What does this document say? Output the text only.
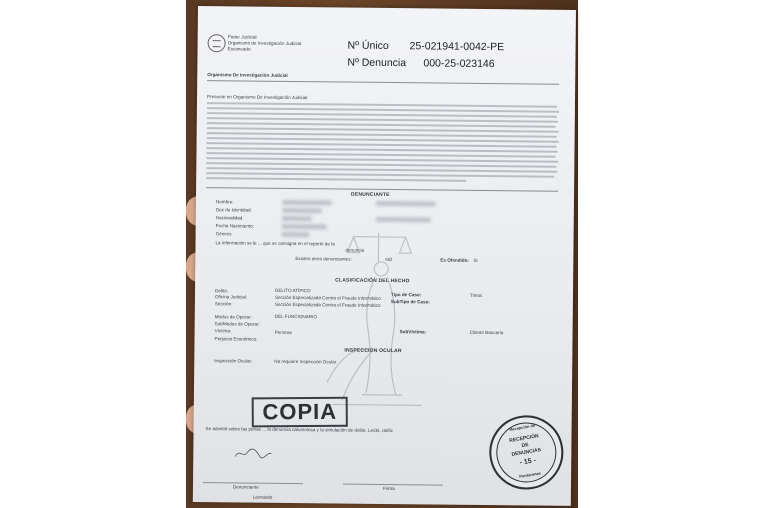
Poder Judicial
Organismo de Investigación Judicial
Escaneado	Nº Único 25-021941-0042-PE
Nº Denuncia 000-25-023146
Organismo De Investigación Judicial
Presente en Organismo De Investigación Judicial
DENUNCIANTE
Nombre:
Doc de Identidad:
Nacionalidad:
Fecha Nacimiento:
Género:
La información se le ... que se consigna en el reporte de la
denuncia
Existen otros denunciantes:	NO	Es Ofendido: SI
CLASIFICACIÓN DEL HECHO
Delito:	DELITO ATÍPICO
Oficina Judicial:	Sección Especializada Contra el Fraude Informático
Sección:	Sección Especializada Contra el Fraude Informático
Tipo de Caso:	Timos
SubTipo de Caso:
Modus de Operar:	DEL FUNCIONARIO
SubModus de Operar:
Víctima:	Persona	SubVíctima:	Cliente Bancario
Perjuicio Económico:
INSPECCIÓN OCULAR
Inspección Ocular:	No requiere Inspección Ocular
COPIA
Se advirtió sobre las penas ... la denuncia calumniosa y la simulación de delito. Leído, ratific
Denunciante	Firma
Leonardo
Recepción de
RECEPCIÓN
DE
DENUNCIAS
- 15 -
Puntarenas
